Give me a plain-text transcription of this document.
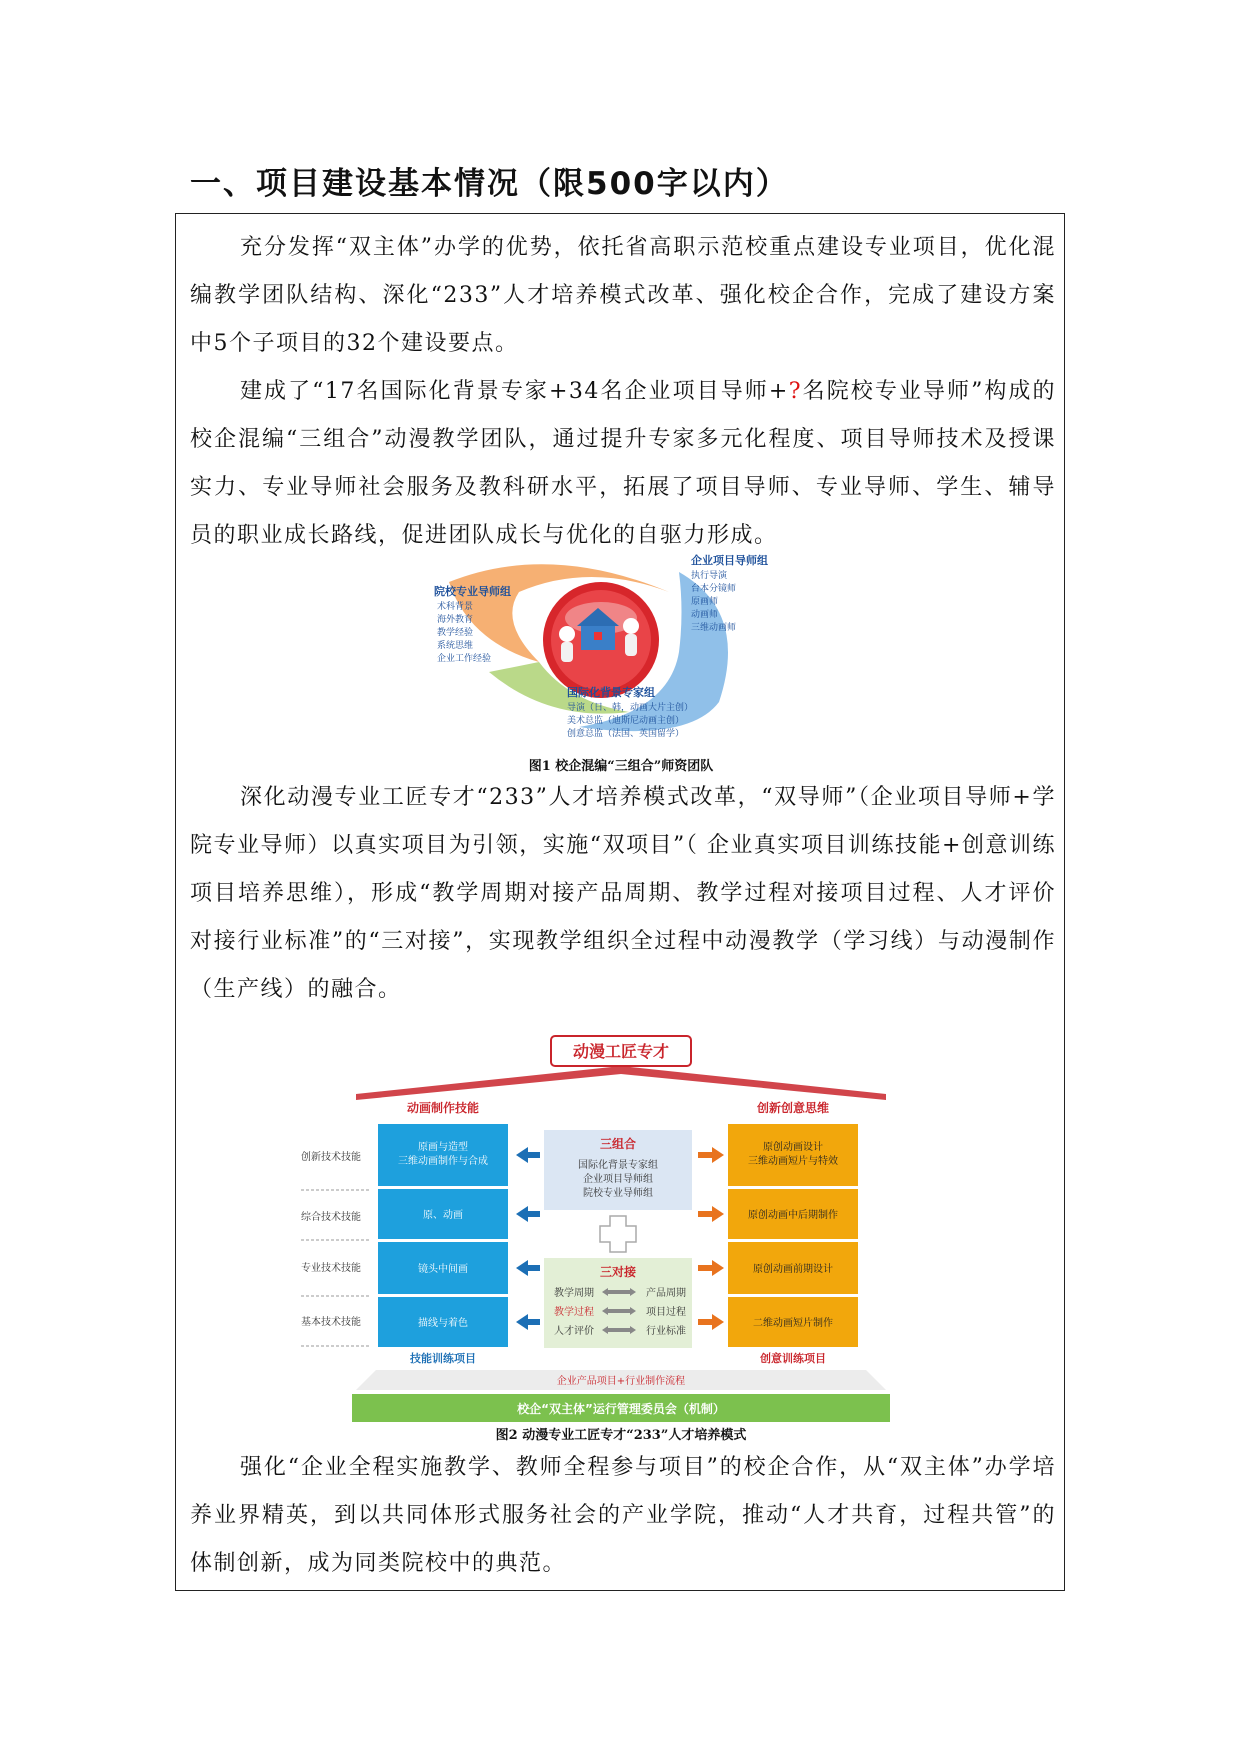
一、项目建设基本情况（限500字以内）

充分发挥“双主体”办学的优势，依托省高职示范校重点建设专业项目，优化混编教学团队结构、深化“233”人才培养模式改革、强化校企合作，完成了建设方案中5个子项目的32个建设要点。

建成了“17名国际化背景专家+34名企业项目导师+?名院校专业导师”构成的校企混编“三组合”动漫教学团队，通过提升专家多元化程度、项目导师技术及授课实力、专业导师社会服务及教科研水平，拓展了项目导师、专业导师、学生、辅导员的职业成长路线，促进团队成长与优化的自驱力形成。

院校专业导师组
术科背景
海外教育
教学经验
系统思维
企业工作经验
企业项目导师组
执行导演
台本分镜师
原画师
动画师
三维动画师
国际化背景专家组
导演（日、韩，动画大片主创）
美术总监（迪斯尼动画主创）
创意总监（法国、英国留学）
图1 校企混编“三组合”师资团队

深化动漫专业工匠专才“233”人才培养模式改革，“双导师”（企业项目导师+学院专业导师）以真实项目为引领，实施“双项目”（ 企业真实项目训练技能+创意训练项目培养思维），形成“教学周期对接产品周期、教学过程对接项目过程、人才评价对接行业标准”的“三对接”，实现教学组织全过程中动漫教学（学习线）与动漫制作（生产线）的融合。

动漫工匠专才
动画制作技能	创新创意思维
创新技术技能
综合技术技能
专业技术技能
基本技术技能
原画与造型
三维动画制作与合成
原、动画
镜头中间画
描线与着色
技能训练项目
原创动画设计
三维动画短片与特效
原创动画中后期制作
原创动画前期设计
二维动画短片制作
创意训练项目
三组合
国际化背景专家组
企业项目导师组
院校专业导师组
三对接
教学周期	产品周期
教学过程	项目过程
人才评价	行业标准
企业产品项目+行业制作流程
校企“双主体”运行管理委员会（机制）
图2 动漫专业工匠专才“233”人才培养模式

强化“企业全程实施教学、教师全程参与项目”的校企合作，从“双主体”办学培养业界精英，到以共同体形式服务社会的产业学院，推动“人才共育，过程共管”的体制创新，成为同类院校中的典范。
